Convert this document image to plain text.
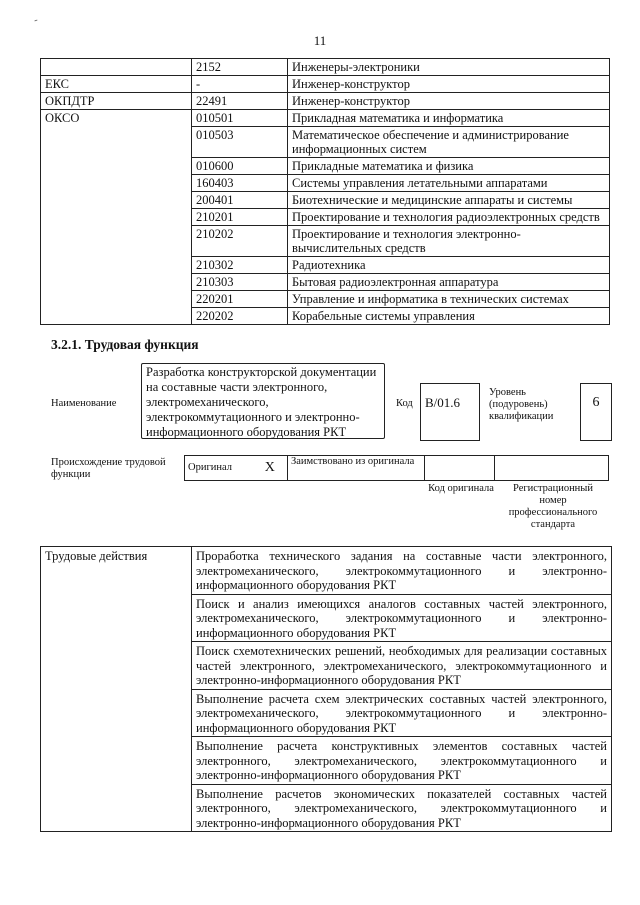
-
11
	2152	Инженеры-электроники
ЕКС	-	Инженер-конструктор
ОКПДТР	22491	Инженер-конструктор
ОКСО	010501	Прикладная математика и информатика
	010503	Математическое обеспечение и администрирование информационных систем
	010600	Прикладные математика и физика
	160403	Системы управления летательными аппаратами
	200401	Биотехнические и медицинские аппараты и системы
	210201	Проектирование и технология радиоэлектронных средств
	210202	Проектирование и технология электронно-вычислительных средств
	210302	Радиотехника
	210303	Бытовая радиоэлектронная аппаратура
	220201	Управление и информатика в технических системах
	220202	Корабельные системы управления
3.2.1. Трудовая функция
Наименование
Разработка конструкторской документации на составные части электронного, электромеханического, электрокоммутационного и электронно-информационного оборудования РКТ
Код B/01.6
Уровень (подуровень) квалификации
6
Происхождение трудовой функции
Оригинал	X	Заимствовано из оригинала		
Код оригинала	Регистрационный номер профессионального стандарта
Трудовые действия	Проработка технического задания на составные части электронного, электромеханического, электрокоммутационного и электронно-информационного оборудования РКТ
Поиск и анализ имеющихся аналогов составных частей электронного, электромеханического, электрокоммутационного и электронно-информационного оборудования РКТ
Поиск схемотехнических решений, необходимых для реализации составных частей электронного, электромеханического, электрокоммутационного и электронно-информационного оборудования РКТ
Выполнение расчета схем электрических составных частей электронного, электромеханического, электрокоммутационного и электронно-информационного оборудования РКТ
Выполнение расчета конструктивных элементов составных частей электронного, электромеханического, электрокоммутационного и электронно-информационного оборудования РКТ
Выполнение расчетов экономических показателей составных частей электронного, электромеханического, электрокоммутационного и электронно-информационного оборудования РКТ
